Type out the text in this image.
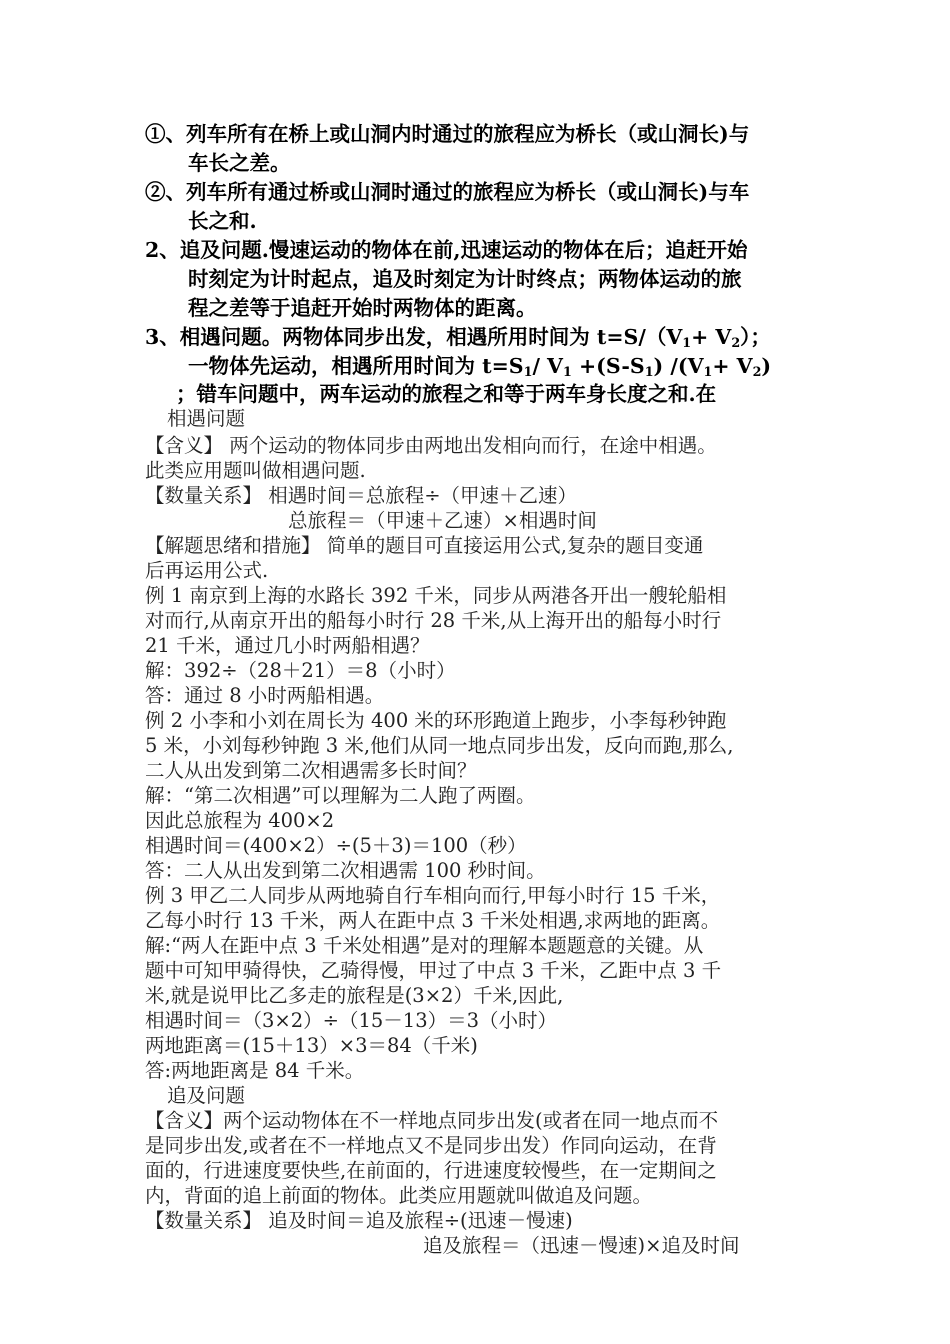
①、列车所有在桥上或山洞内时通过的旅程应为桥长（或山洞长)与
车长之差。
②、列车所有通过桥或山洞时通过的旅程应为桥长（或山洞长)与车
长之和.
2、追及问题.慢速运动的物体在前,迅速运动的物体在后；追赶开始
时刻定为计时起点，追及时刻定为计时终点；两物体运动的旅
程之差等于追赶开始时两物体的距离。
3、相遇问题。两物体同步出发，相遇所用时间为 $t=S/(V_1+ V_2)$；
一物体先运动，相遇所用时间为 $t=S_1/$ $V_1 +(S-S_1)$ $/(V_1+ V_2)$
；错车问题中，两车运动的旅程之和等于两车身长度之和.在
相遇问题
【含义】 两个运动的物体同步由两地出发相向而行，在途中相遇。
此类应用题叫做相遇问题.
【数量关系】 相遇时间＝总旅程÷（甲速＋乙速）
总旅程＝（甲速＋乙速）×相遇时间
【解题思绪和措施】 简单的题目可直接运用公式,复杂的题目变通
后再运用公式.
例 1 南京到上海的水路长 392 千米，同步从两港各开出一艘轮船相
对而行,从南京开出的船每小时行 28 千米,从上海开出的船每小时行
21 千米，通过几小时两船相遇？
解：392÷（28＋21）＝8（小时）
答：通过 8 小时两船相遇。
例 2 小李和小刘在周长为 400 米的环形跑道上跑步，小李每秒钟跑
5 米，小刘每秒钟跑 3 米,他们从同一地点同步出发，反向而跑,那么,
二人从出发到第二次相遇需多长时间？
解：“第二次相遇”可以理解为二人跑了两圈。
因此总旅程为 400×2
相遇时间＝(400×2）÷(5＋3)＝100（秒）
答：二人从出发到第二次相遇需 100 秒时间。
例 3 甲乙二人同步从两地骑自行车相向而行,甲每小时行 15 千米，
乙每小时行 13 千米，两人在距中点 3 千米处相遇,求两地的距离。
解:“两人在距中点 3 千米处相遇”是对的理解本题题意的关键。从
题中可知甲骑得快，乙骑得慢，甲过了中点 3 千米，乙距中点 3 千
米,就是说甲比乙多走的旅程是(3×2）千米,因此,
相遇时间＝（3×2）÷（15－13）＝3（小时）
两地距离＝(15＋13）×3＝84（千米)
答:两地距离是 84 千米。
追及问题
【含义】两个运动物体在不一样地点同步出发(或者在同一地点而不
是同步出发,或者在不一样地点又不是同步出发）作同向运动，在背
面的，行进速度要快些,在前面的，行进速度较慢些，在一定期间之
内，背面的追上前面的物体。此类应用题就叫做追及问题。
【数量关系】 追及时间＝追及旅程÷(迅速－慢速)
追及旅程＝（迅速－慢速)×追及时间
